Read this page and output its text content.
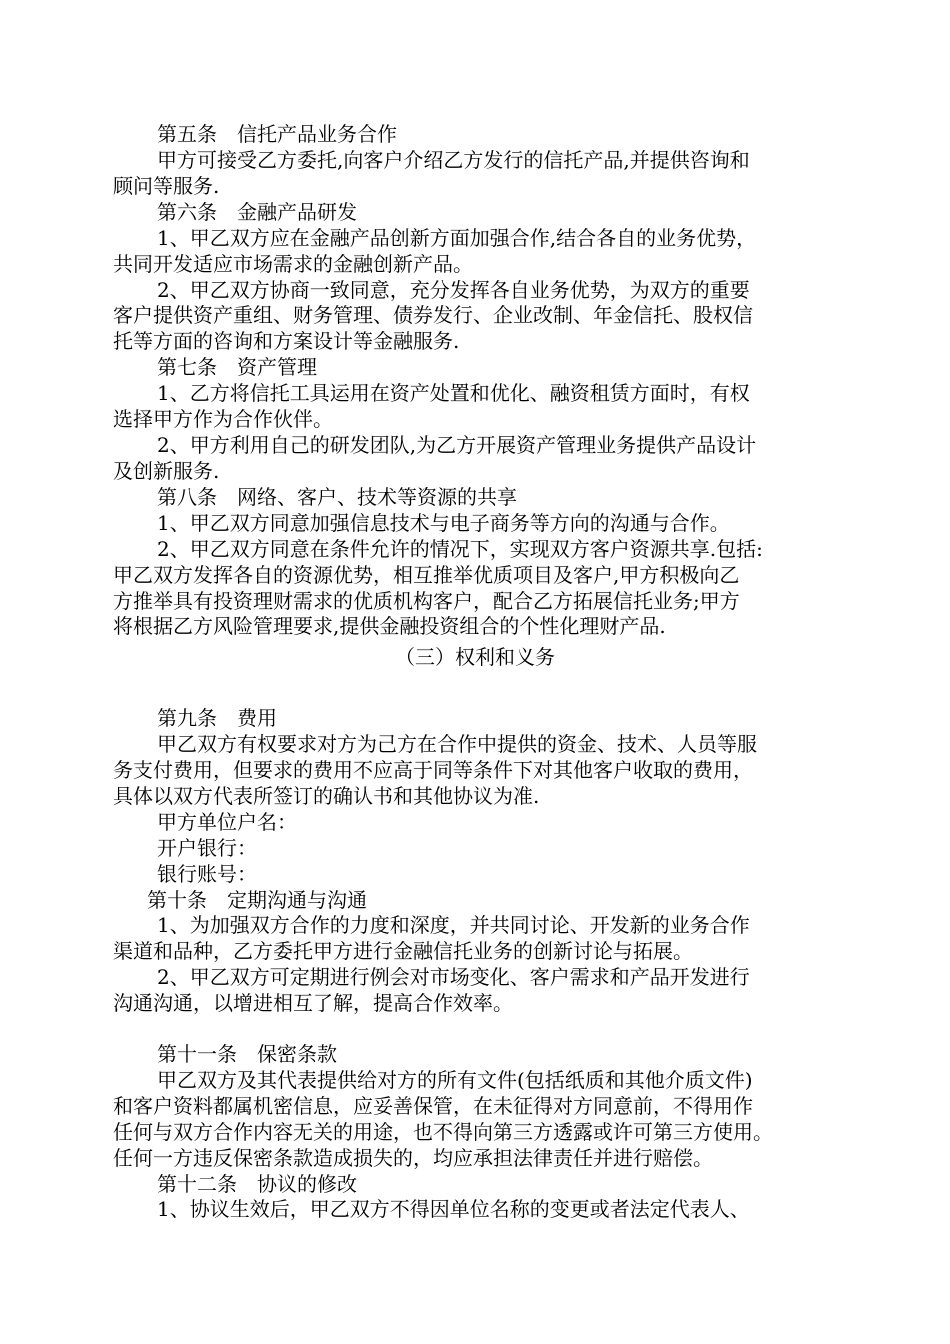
第五条　信托产品业务合作
甲方可接受乙方委托,向客户介绍乙方发行的信托产品,并提供咨询和
顾问等服务.
第六条　金融产品研发
1、甲乙双方应在金融产品创新方面加强合作,结合各自的业务优势，
共同开发适应市场需求的金融创新产品。
2、甲乙双方协商一致同意，充分发挥各自业务优势，为双方的重要
客户提供资产重组、财务管理、债券发行、企业改制、年金信托、股权信
托等方面的咨询和方案设计等金融服务.
第七条　资产管理
1、乙方将信托工具运用在资产处置和优化、融资租赁方面时，有权
选择甲方作为合作伙伴。
2、甲方利用自己的研发团队,为乙方开展资产管理业务提供产品设计
及创新服务.
第八条　网络、客户、技术等资源的共享
1、甲乙双方同意加强信息技术与电子商务等方向的沟通与合作。
2、甲乙双方同意在条件允许的情况下，实现双方客户资源共享.包括:
甲乙双方发挥各自的资源优势，相互推举优质项目及客户,甲方积极向乙
方推举具有投资理财需求的优质机构客户，配合乙方拓展信托业务;甲方
将根据乙方风险管理要求,提供金融投资组合的个性化理财产品.
（三）权利和义务
第九条　费用
甲乙双方有权要求对方为己方在合作中提供的资金、技术、人员等服
务支付费用，但要求的费用不应高于同等条件下对其他客户收取的费用，
具体以双方代表所签订的确认书和其他协议为准.
甲方单位户名：
开户银行：
银行账号：
第十条　定期沟通与沟通
1、为加强双方合作的力度和深度，并共同讨论、开发新的业务合作
渠道和品种，乙方委托甲方进行金融信托业务的创新讨论与拓展。
2、甲乙双方可定期进行例会对市场变化、客户需求和产品开发进行
沟通沟通，以增进相互了解，提高合作效率。
第十一条　保密条款
甲乙双方及其代表提供给对方的所有文件(包括纸质和其他介质文件)
和客户资料都属机密信息，应妥善保管，在未征得对方同意前，不得用作
任何与双方合作内容无关的用途，也不得向第三方透露或许可第三方使用。
任何一方违反保密条款造成损失的，均应承担法律责任并进行赔偿。
第十二条　协议的修改
1、协议生效后，甲乙双方不得因单位名称的变更或者法定代表人、
